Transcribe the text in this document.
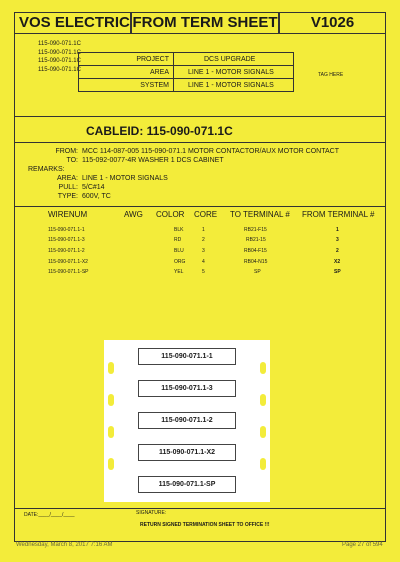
VOS ELECTRIC FROM TERM SHEET	V1026
115-090-071.1C
115-090-071.1C
115-090-071.1C
115-090-071.1C
PROJECT	DCS UPGRADE
AREA	LINE 1 - MOTOR SIGNALS
SYSTEM	LINE 1 - MOTOR SIGNALS
TAG HERE
CABLEID: 115-090-071.1C
FROM: MCC 114-087-005 115-090-071.1 MOTOR CONTACTOR/AUX MOTOR CONTACT
TO: 115-092-0077-4R WASHER 1 DCS CABINET
REMARKS:
AREA: LINE 1 - MOTOR SIGNALS
PULL: 5/C#14
TYPE: 600V, TC
WIRENUM	AWG COLOR CORE TO TERMINAL # FROM TERMINAL #
115-090-071.1-1	BLK	1	RB21-F15	1
115-090-071.1-3	RD	2	RB21-15	3
115-090-071.1-2	BLU	3	RB04-F15	2
115-090-071.1-X2	ORG	4	RB04-N15	X2
115-090-071.1-SP	YEL	5	SP	SP
115-090-071.1-1
115-090-071.1-3
115-090-071.1-2
115-090-071.1-X2
115-090-071.1-SP
DATE:____/____/____	SIGNATURE:
RETURN SIGNED TERMINATION SHEET TO OFFICE !!!
Wednesday, March 8, 2017 7:16 AM	Page 27 of 594
